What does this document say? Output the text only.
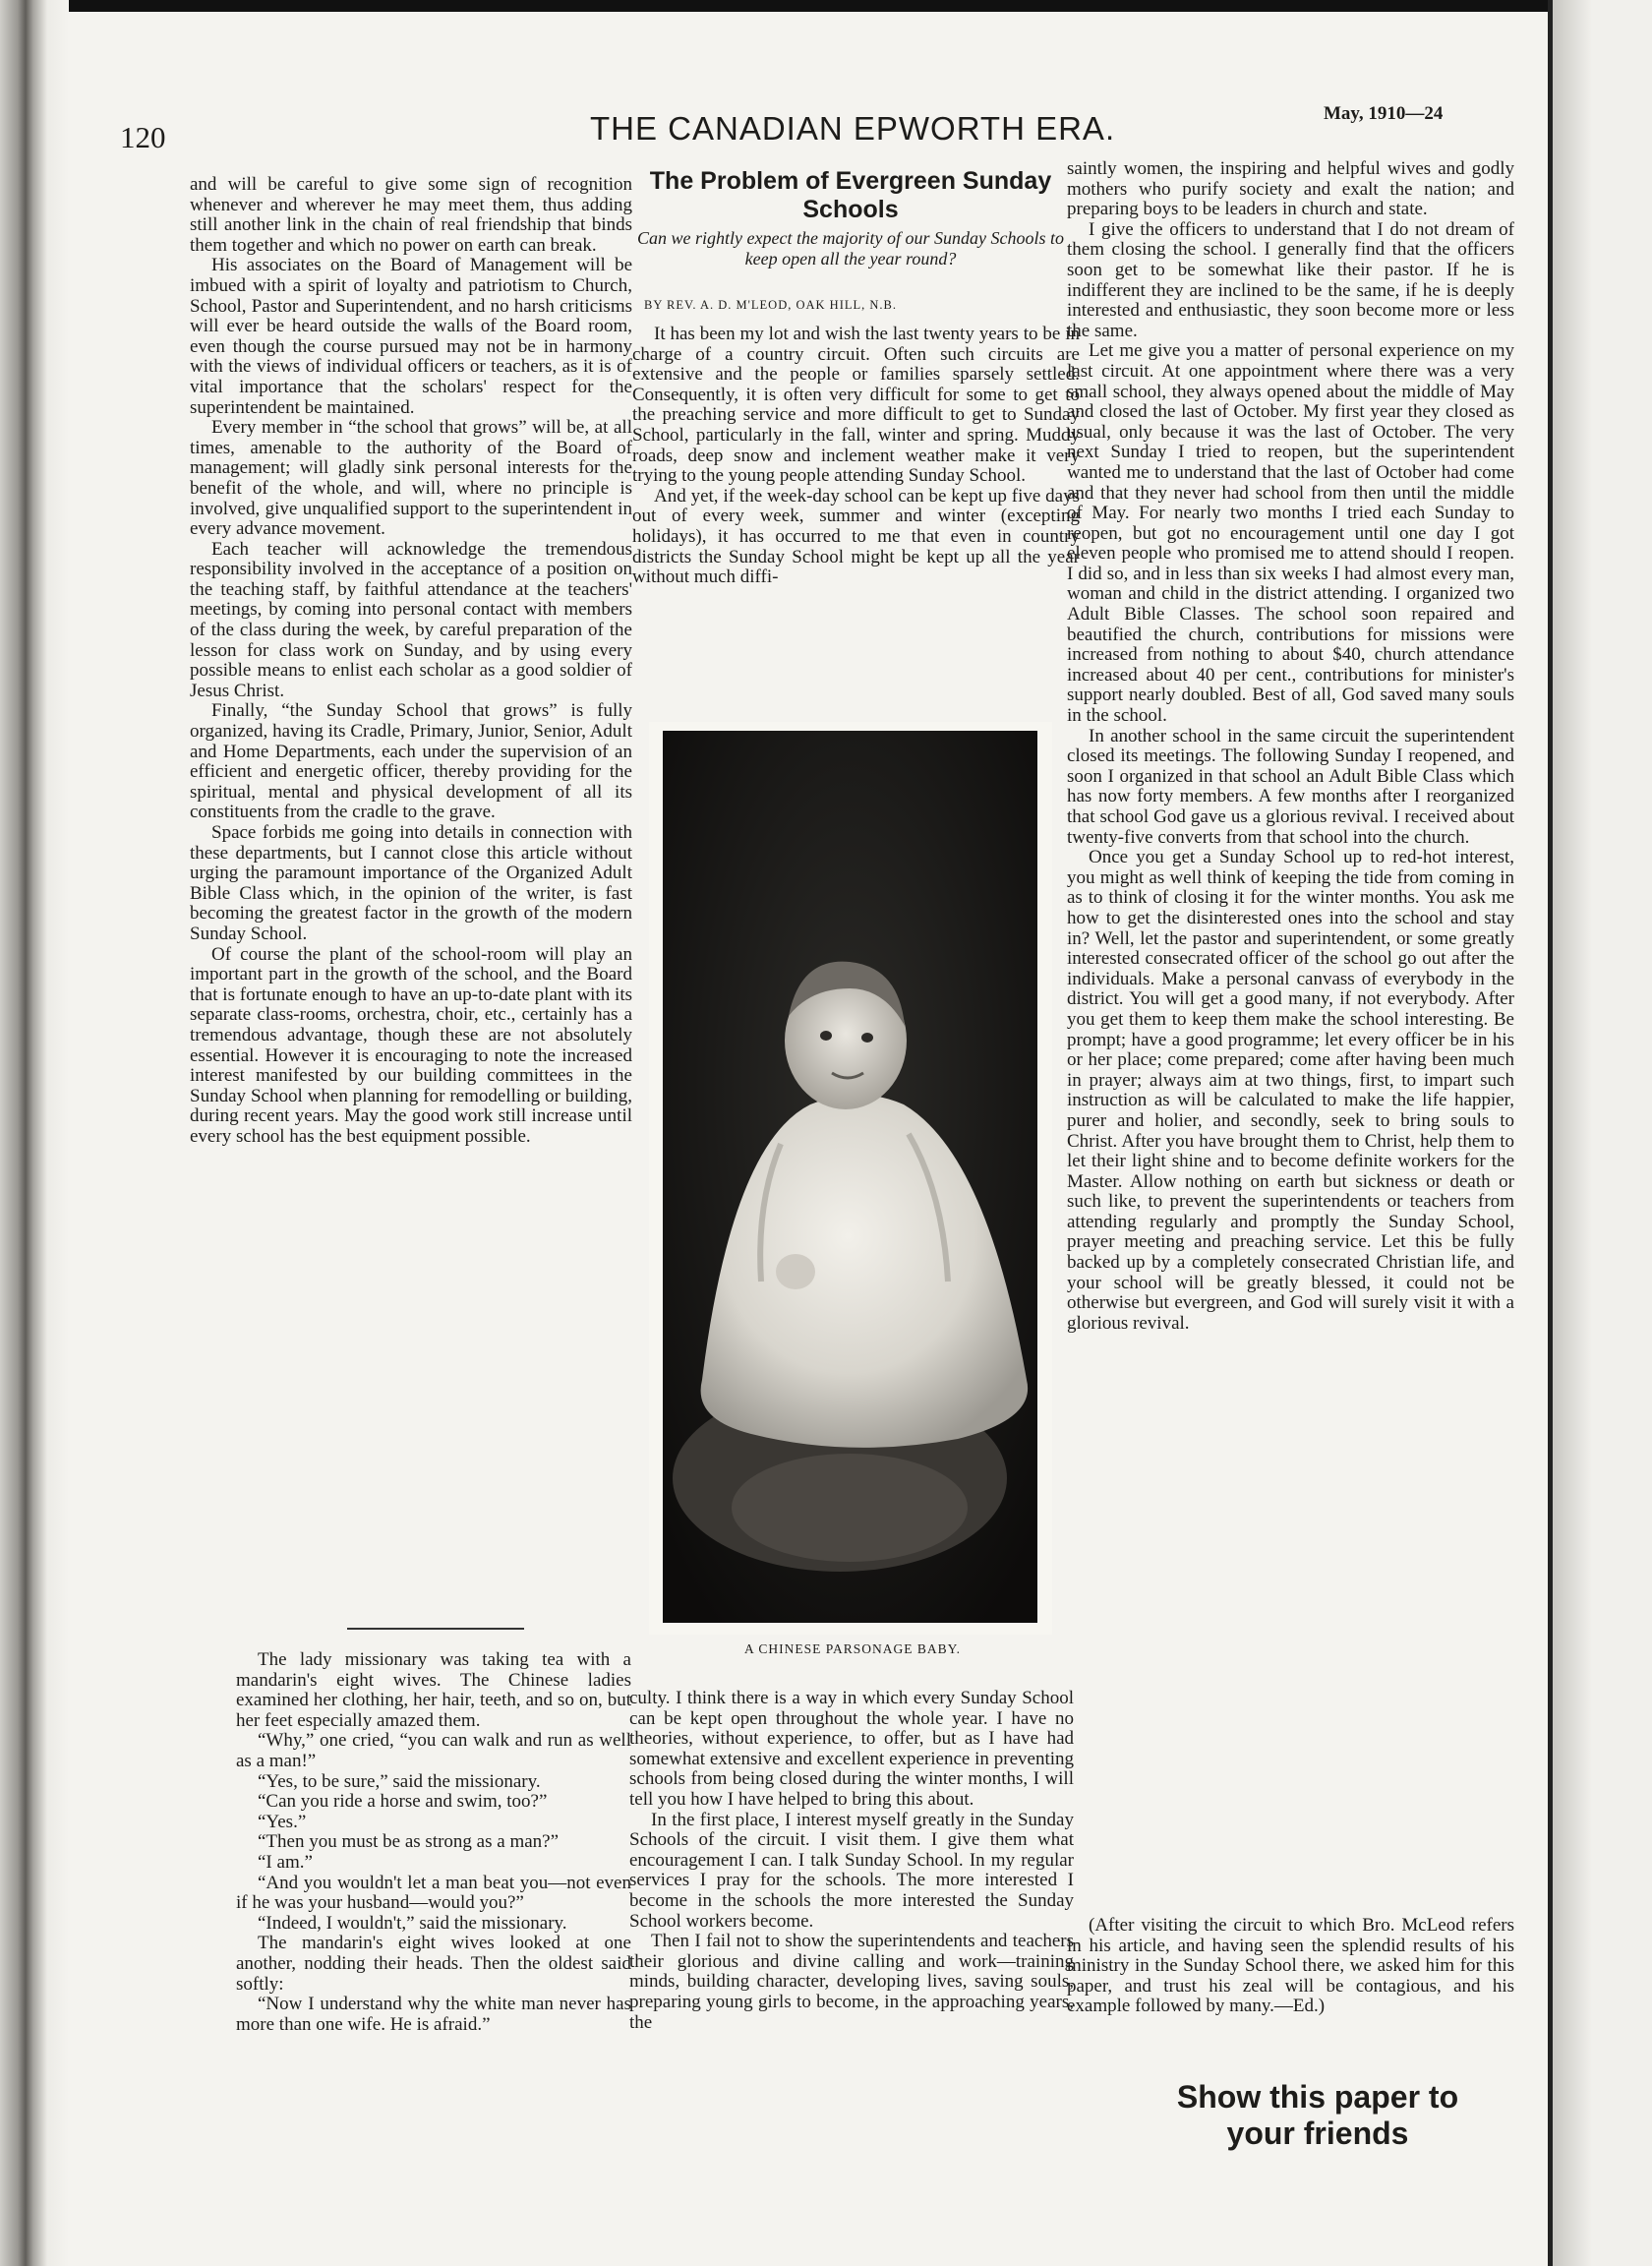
120	THE CANADIAN EPWORTH ERA.	May, 1910—24

and will be careful to give some sign of recognition whenever and wherever he may meet them, thus adding still another link in the chain of real friendship that binds them together and which no power on earth can break.

His associates on the Board of Management will be imbued with a spirit of loyalty and patriotism to Church, School, Pastor and Superintendent, and no harsh criticisms will ever be heard outside the walls of the Board room, even though the course pursued may not be in harmony with the views of individual officers or teachers, as it is of vital importance that the scholars' respect for the superintendent be maintained.

Every member in “the school that grows” will be, at all times, amenable to the authority of the Board of management; will gladly sink personal interests for the benefit of the whole, and will, where no principle is involved, give unqualified support to the superintendent in every advance movement.

Each teacher will acknowledge the tremendous responsibility involved in the acceptance of a position on the teaching staff, by faithful attendance at the teachers' meetings, by coming into personal contact with members of the class during the week, by careful preparation of the lesson for class work on Sunday, and by using every possible means to enlist each scholar as a good soldier of Jesus Christ.

Finally, “the Sunday School that grows” is fully organized, having its Cradle, Primary, Junior, Senior, Adult and Home Departments, each under the supervision of an efficient and energetic officer, thereby providing for the spiritual, mental and physical development of all its constituents from the cradle to the grave.

Space forbids me going into details in connection with these departments, but I cannot close this article without urging the paramount importance of the Organized Adult Bible Class which, in the opinion of the writer, is fast becoming the greatest factor in the growth of the modern Sunday School.

Of course the plant of the school-room will play an important part in the growth of the school, and the Board that is fortunate enough to have an up-to-date plant with its separate class-rooms, orchestra, choir, etc., certainly has a tremendous advantage, though these are not absolutely essential. However it is encouraging to note the increased interest manifested by our building committees in the Sunday School when planning for remodelling or building, during recent years. May the good work still increase until every school has the best equipment possible.

The lady missionary was taking tea with a mandarin's eight wives. The Chinese ladies examined her clothing, her hair, teeth, and so on, but her feet especially amazed them.

“Why,” one cried, “you can walk and run as well as a man!”

“Yes, to be sure,” said the missionary.

“Can you ride a horse and swim, too?”

“Yes.”

“Then you must be as strong as a man?”

“I am.”

“And you wouldn't let a man beat you—not even if he was your husband—would you?”

“Indeed, I wouldn't,” said the missionary.

The mandarin's eight wives looked at one another, nodding their heads. Then the oldest said softly:

“Now I understand why the white man never has more than one wife. He is afraid.”

The Problem of Evergreen Sunday Schools
Can we rightly expect the majority of our Sunday Schools to keep open all the year round?
BY REV. A. D. M'LEOD, OAK HILL, N.B.

It has been my lot and wish the last twenty years to be in charge of a country circuit. Often such circuits are extensive and the people or families sparsely settled. Consequently, it is often very difficult for some to get to the preaching service and more difficult to get to Sunday School, particularly in the fall, winter and spring. Muddy roads, deep snow and inclement weather make it very trying to the young people attending Sunday School.

And yet, if the week-day school can be kept up five days out of every week, summer and winter (excepting holidays), it has occurred to me that even in country districts the Sunday School might be kept up all the year without much diffi-

A CHINESE PARSONAGE BABY.

culty. I think there is a way in which every Sunday School can be kept open throughout the whole year. I have no theories, without experience, to offer, but as I have had somewhat extensive and excellent experience in preventing schools from being closed during the winter months, I will tell you how I have helped to bring this about.

In the first place, I interest myself greatly in the Sunday Schools of the circuit. I visit them. I give them what encouragement I can. I talk Sunday School. In my regular services I pray for the schools. The more interested I become in the schools the more interested the Sunday School workers become.

Then I fail not to show the superintendents and teachers their glorious and divine calling and work—training minds, building character, developing lives, saving souls, preparing young girls to become, in the approaching years, the

saintly women, the inspiring and helpful wives and godly mothers who purify society and exalt the nation; and preparing boys to be leaders in church and state.

I give the officers to understand that I do not dream of them closing the school. I generally find that the officers soon get to be somewhat like their pastor. If he is indifferent they are inclined to be the same, if he is deeply interested and enthusiastic, they soon become more or less the same.

Let me give you a matter of personal experience on my last circuit. At one appointment where there was a very small school, they always opened about the middle of May and closed the last of October. My first year they closed as usual, only because it was the last of October. The very next Sunday I tried to reopen, but the superintendent wanted me to understand that the last of October had come and that they never had school from then until the middle of May. For nearly two months I tried each Sunday to reopen, but got no encouragement until one day I got eleven people who promised me to attend should I reopen. I did so, and in less than six weeks I had almost every man, woman and child in the district attending. I organized two Adult Bible Classes. The school soon repaired and beautified the church, contributions for missions were increased from nothing to about $40, church attendance increased about 40 per cent., contributions for minister's support nearly doubled. Best of all, God saved many souls in the school.

In another school in the same circuit the superintendent closed its meetings. The following Sunday I reopened, and soon I organized in that school an Adult Bible Class which has now forty members. A few months after I reorganized that school God gave us a glorious revival. I received about twenty-five converts from that school into the church.

Once you get a Sunday School up to red-hot interest, you might as well think of keeping the tide from coming in as to think of closing it for the winter months. You ask me how to get the disinterested ones into the school and stay in? Well, let the pastor and superintendent, or some greatly interested consecrated officer of the school go out after the individuals. Make a personal canvass of everybody in the district. You will get a good many, if not everybody. After you get them to keep them make the school interesting. Be prompt; have a good programme; let every officer be in his or her place; come prepared; come after having been much in prayer; always aim at two things, first, to impart such instruction as will be calculated to make the life happier, purer and holier, and secondly, seek to bring souls to Christ. After you have brought them to Christ, help them to let their light shine and to become definite workers for the Master. Allow nothing on earth but sickness or death or such like, to prevent the superintendents or teachers from attending regularly and promptly the Sunday School, prayer meeting and preaching service. Let this be fully backed up by a completely consecrated Christian life, and your school will be greatly blessed, it could not be otherwise but evergreen, and God will surely visit it with a glorious revival.

(After visiting the circuit to which Bro. McLeod refers in his article, and having seen the splendid results of his ministry in the Sunday School there, we asked him for this paper, and trust his zeal will be contagious, and his example followed by many.—Ed.)

Show this paper to
your friends
